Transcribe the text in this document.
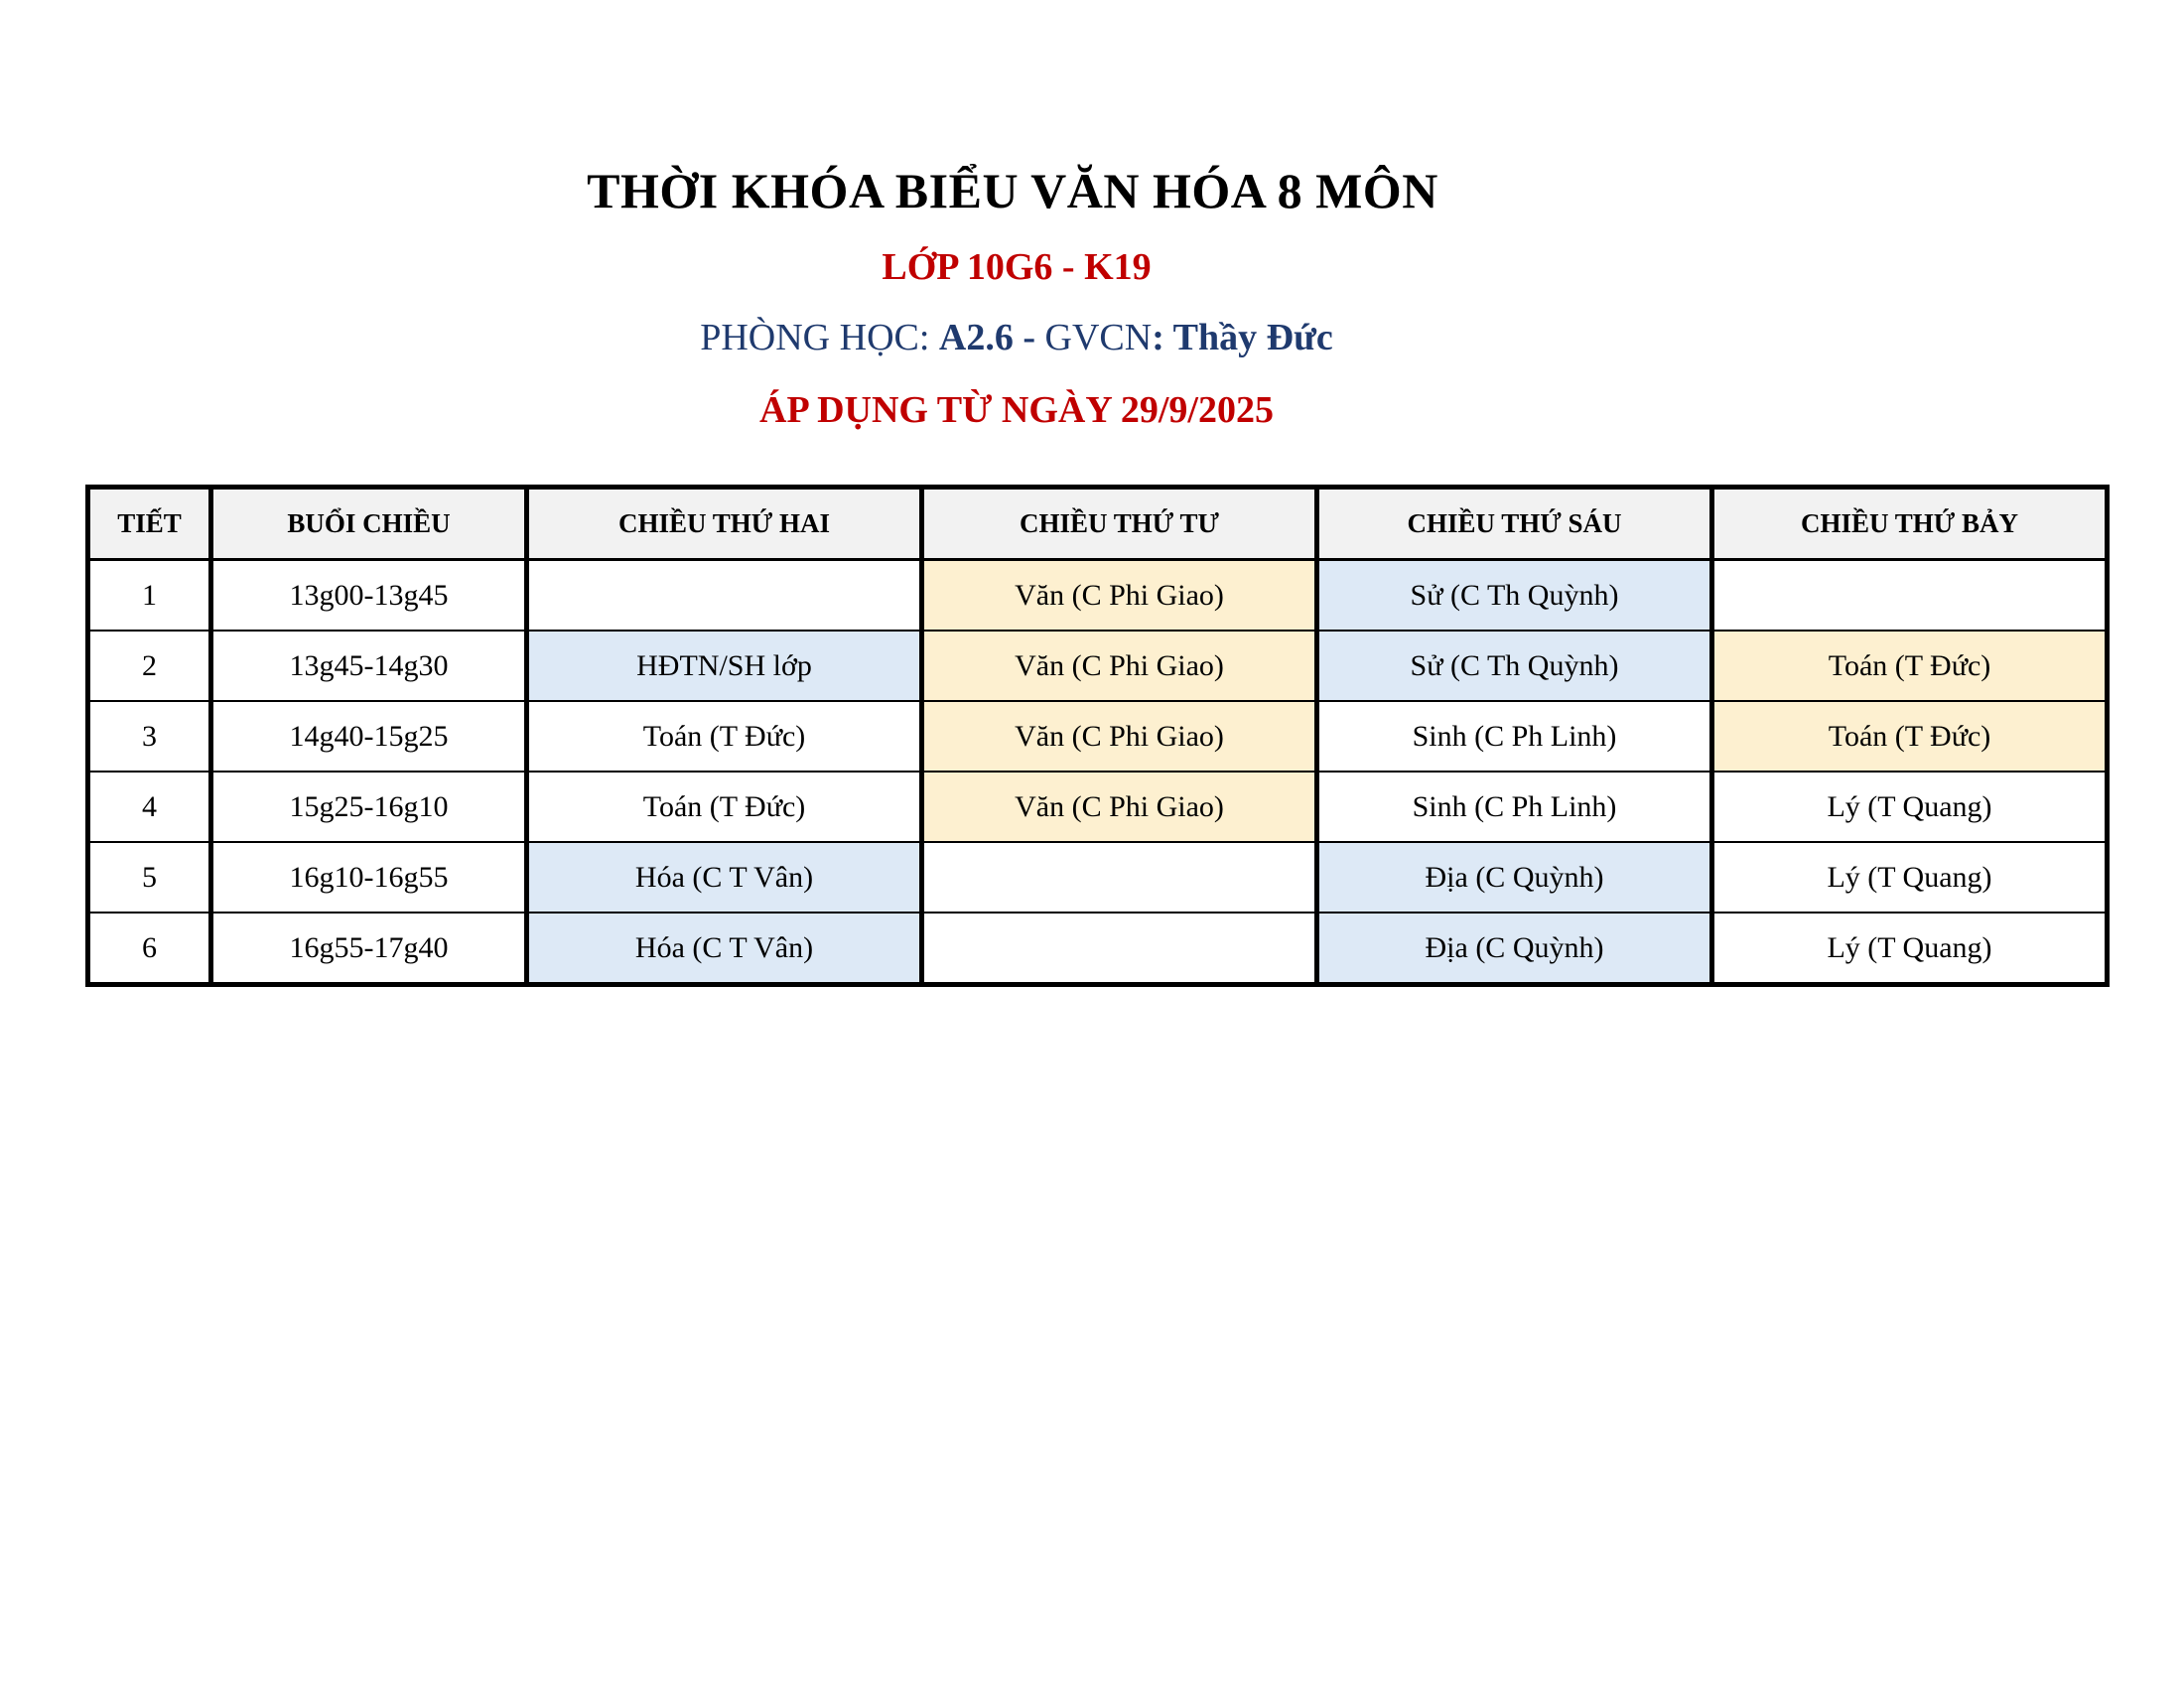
THỜI KHÓA BIỂU VĂN HÓA 8 MÔN
LỚP 10G6 - K19
PHÒNG HỌC: A2.6 - GVCN: Thầy Đức
ÁP DỤNG TỪ NGÀY 29/9/2025
TIẾT	BUỔI CHIỀU	CHIỀU THỨ HAI	CHIỀU THỨ TƯ	CHIỀU THỨ SÁU	CHIỀU THỨ BẢY
1	13g00-13g45		Văn (C Phi Giao)	Sử (C Th Quỳnh)	
2	13g45-14g30	HĐTN/SH lớp	Văn (C Phi Giao)	Sử (C Th Quỳnh)	Toán (T Đức)
3	14g40-15g25	Toán (T Đức)	Văn (C Phi Giao)	Sinh (C Ph Linh)	Toán (T Đức)
4	15g25-16g10	Toán (T Đức)	Văn (C Phi Giao)	Sinh (C Ph Linh)	Lý (T Quang)
5	16g10-16g55	Hóa (C T Vân)		Địa (C Quỳnh)	Lý (T Quang)
6	16g55-17g40	Hóa (C T Vân)		Địa (C Quỳnh)	Lý (T Quang)
